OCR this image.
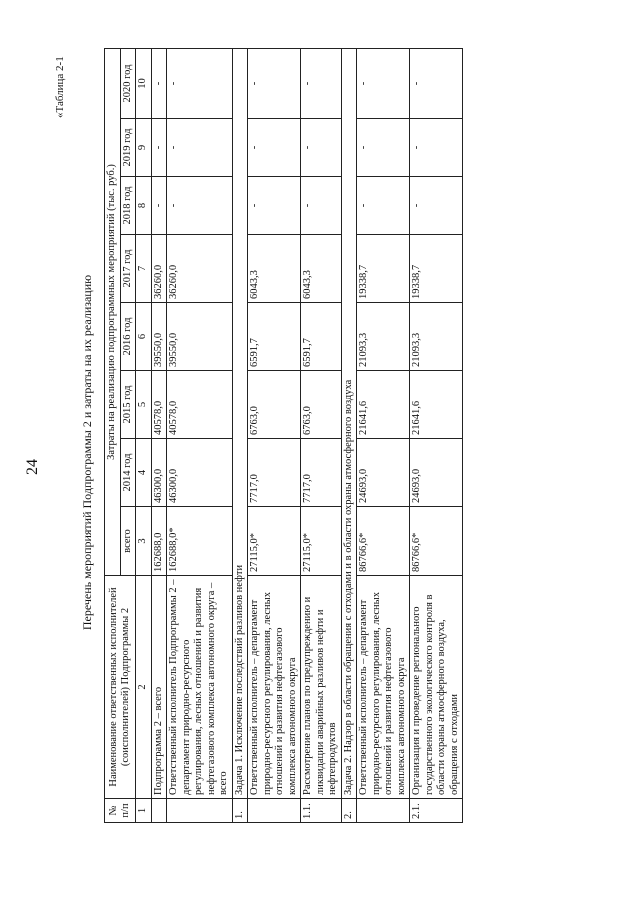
24
«Таблица 2-1
Перечень мероприятий Подпрограммы 2 и затраты на их реализацию
№ п/п	Наименование ответственных исполнителей (соисполнителей) Подпрограммы 2	Затраты на реализацию подпрограммных мероприятий (тыс. руб.)							
		всего	2014 год	2015 год	2016 год	2017 год	2018 год	2019 год	2020 год
1	2	3	4	5	6	7	8	9	10
	Подпрограмма 2 – всего	162688,0	46300,0	40578,0	39550,0	36260,0	-	-	-
	Ответственный исполнитель Подпрограммы 2 – департамент природно-ресурсного регулирования, лесных отношений и развития нефтегазового комплекса автономного округа – всего	162688,0*	46300,0	40578,0	39550,0	36260,0	-	-	-
1.	Задача 1. Исключение последствий разливов нефти								
	Ответственный исполнитель – департамент природно-ресурсного регулирования, лесных отношений и развития нефтегазового комплекса автономного округа	27115,0*	7717,0	6763,0	6591,7	6043,3	-	-	-
1.1.	Рассмотрение планов по предупреждению и ликвидации аварийных разливов нефти и нефтепродуктов	27115,0*	7717,0	6763,0	6591,7	6043,3	-	-	-
2.	Задача 2. Надзор в области обращения с отходами и в области охраны атмосферного воздуха								
	Ответственный исполнитель – департамент природно-ресурсного регулирования, лесных отношений и развития нефтегазового комплекса автономного округа	86766,6*	24693,0	21641,6	21093,3	19338,7	-	-	-
2.1.	Организация и проведение регионального государственного экологического контроля в области охраны атмосферного воздуха, обращения с отходами	86766,6*	24693,0	21641,6	21093,3	19338,7	-	-	-
